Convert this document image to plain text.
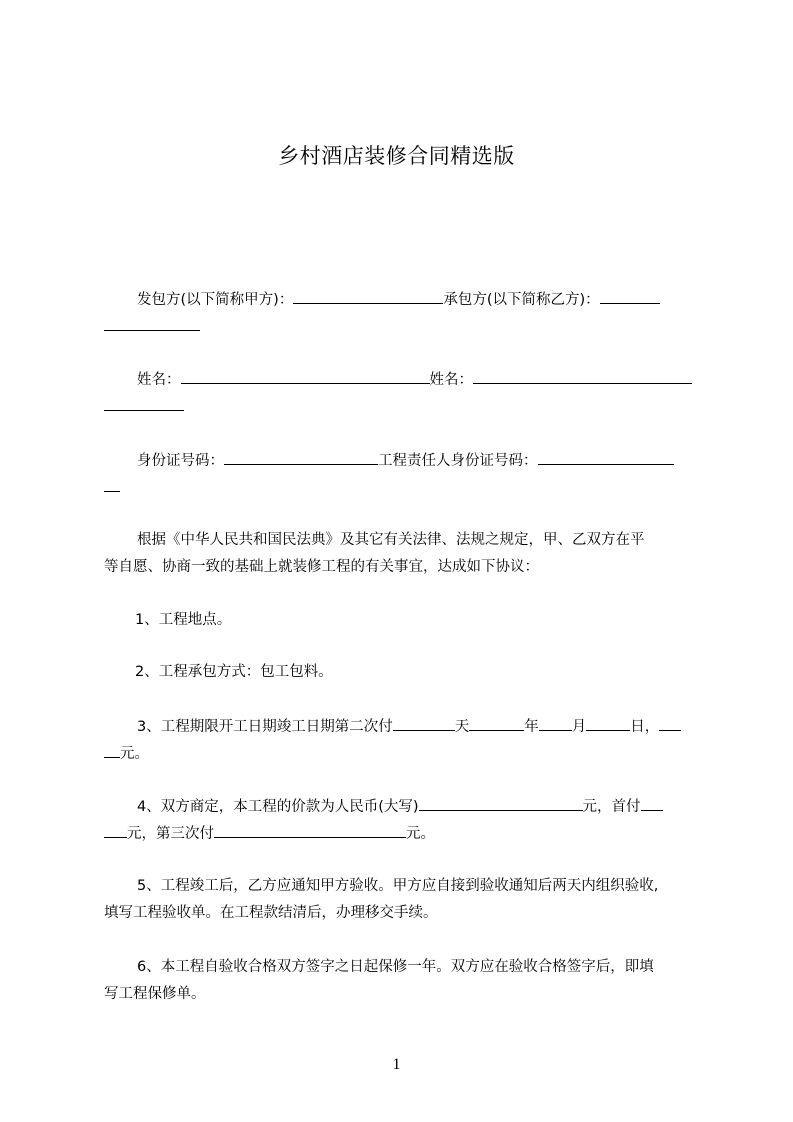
乡村酒店装修合同精选版
发包方(以下简称甲方)：	承包方(以下简称乙方)：
姓名：	姓名：
身份证号码：	工程责任人身份证号码：
根据《中华人民共和国民法典》及其它有关法律、法规之规定，甲、乙双方在平
等自愿、协商一致的基础上就装修工程的有关事宜，达成如下协议：
1、工程地点。
2、工程承包方式：包工包料。
3、工程期限开工日期竣工日期第二次付	天	年 月	日，
元。
4、双方商定，本工程的价款为人民币(大写)	元，首付
元，第三次付	元。
5、工程竣工后，乙方应通知甲方验收。甲方应自接到验收通知后两天内组织验收,
填写工程验收单。在工程款结清后，办理移交手续。
6、本工程自验收合格双方签字之日起保修一年。双方应在验收合格签字后，即填
写工程保修单。
1
